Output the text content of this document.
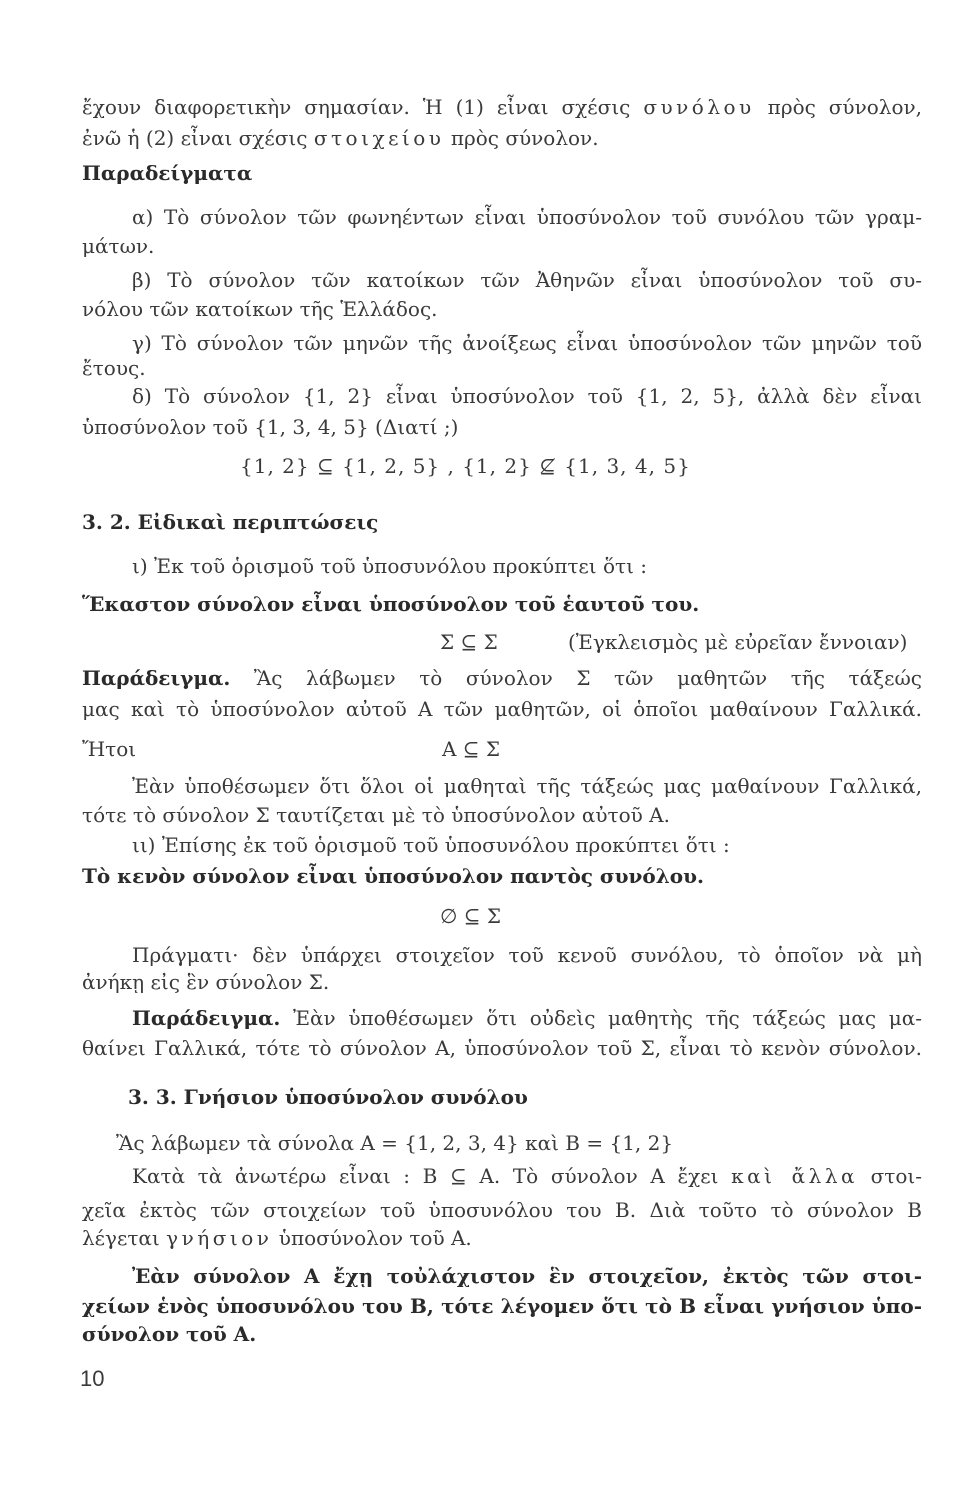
ἔχουν διαφορετικὴν σημασίαν. Ἡ (1) εἶναι σχέσις συνόλου πρὸς σύνολον,
ἐνῶ ἡ (2) εἶναι σχέσις στοιχείου πρὸς σύνολον.
Παραδείγματα
α) Τὸ σύνολον τῶν φωνηέντων εἶναι ὑποσύνολον τοῦ συνόλου τῶν γραμ-
μάτων.
β) Τὸ σύνολον τῶν κατοίκων τῶν Ἀθηνῶν εἶναι ὑποσύνολον τοῦ συ-
νόλου τῶν κατοίκων τῆς Ἑλλάδος.
γ) Τὸ σύνολον τῶν μηνῶν τῆς ἀνοίξεως εἶναι ὑποσύνολον τῶν μηνῶν τοῦ
ἔτους.
δ) Τὸ σύνολον {1, 2} εἶναι ὑποσύνολον τοῦ {1, 2, 5}, ἀλλὰ δὲν εἶναι
ὑποσύνολον τοῦ {1, 3, 4, 5} (Διατί ;)
{1, 2} ⊆ {1, 2, 5} , {1, 2} ⊈ {1, 3, 4, 5}
3. 2. Εἰδικαὶ περιπτώσεις
ι) Ἐκ τοῦ ὁρισμοῦ τοῦ ὑποσυνόλου προκύπτει ὅτι :
Ἕκαστον σύνολον εἶναι ὑποσύνολον τοῦ ἑαυτοῦ του.
Σ ⊆ Σ	(Ἐγκλεισμὸς μὲ εὐρεῖαν ἔννοιαν)
Παράδειγμα. Ἂς λάβωμεν τὸ σύνολον Σ τῶν μαθητῶν τῆς τάξεώς
μας καὶ τὸ ὑποσύνολον αὐτοῦ Α τῶν μαθητῶν, οἱ ὁποῖοι μαθαίνουν Γαλλικά.
Ἤτοι	Α ⊆ Σ
Ἐὰν ὑποθέσωμεν ὅτι ὅλοι οἱ μαθηταὶ τῆς τάξεώς μας μαθαίνουν Γαλλικά,
τότε τὸ σύνολον Σ ταυτίζεται μὲ τὸ ὑποσύνολον αὐτοῦ Α.
ιι) Ἐπίσης ἐκ τοῦ ὁρισμοῦ τοῦ ὑποσυνόλου προκύπτει ὅτι :
Τὸ κενὸν σύνολον εἶναι ὑποσύνολον παντὸς συνόλου.
∅ ⊆ Σ
Πράγματι· δὲν ὑπάρχει στοιχεῖον τοῦ κενοῦ συνόλου, τὸ ὁποῖον νὰ μὴ
ἀνήκῃ εἰς ἓν σύνολον Σ.
Παράδειγμα. Ἐὰν ὑποθέσωμεν ὅτι οὐδεὶς μαθητὴς τῆς τάξεώς μας μα-
θαίνει Γαλλικά, τότε τὸ σύνολον Α, ὑποσύνολον τοῦ Σ, εἶναι τὸ κενὸν σύνολον.
3. 3. Γνήσιον ὑποσύνολον συνόλου
Ἂς λάβωμεν τὰ σύνολα Α = {1, 2, 3, 4} καὶ Β = {1, 2}
Κατὰ τὰ ἀνωτέρω εἶναι : Β ⊆ Α. Τὸ σύνολον Α ἔχει καὶ ἄλλα στοι-
χεῖα ἐκτὸς τῶν στοιχείων τοῦ ὑποσυνόλου του Β. Διὰ τοῦτο τὸ σύνολον Β
λέγεται γνήσιον ὑποσύνολον τοῦ Α.
Ἐὰν σύνολον Α ἔχῃ τοὐλάχιστον ἓν στοιχεῖον, ἐκτὸς τῶν στοι-
χείων ἑνὸς ὑποσυνόλου του Β, τότε λέγομεν ὅτι τὸ Β εἶναι γνήσιον ὑπο-
σύνολον τοῦ Α.
10
